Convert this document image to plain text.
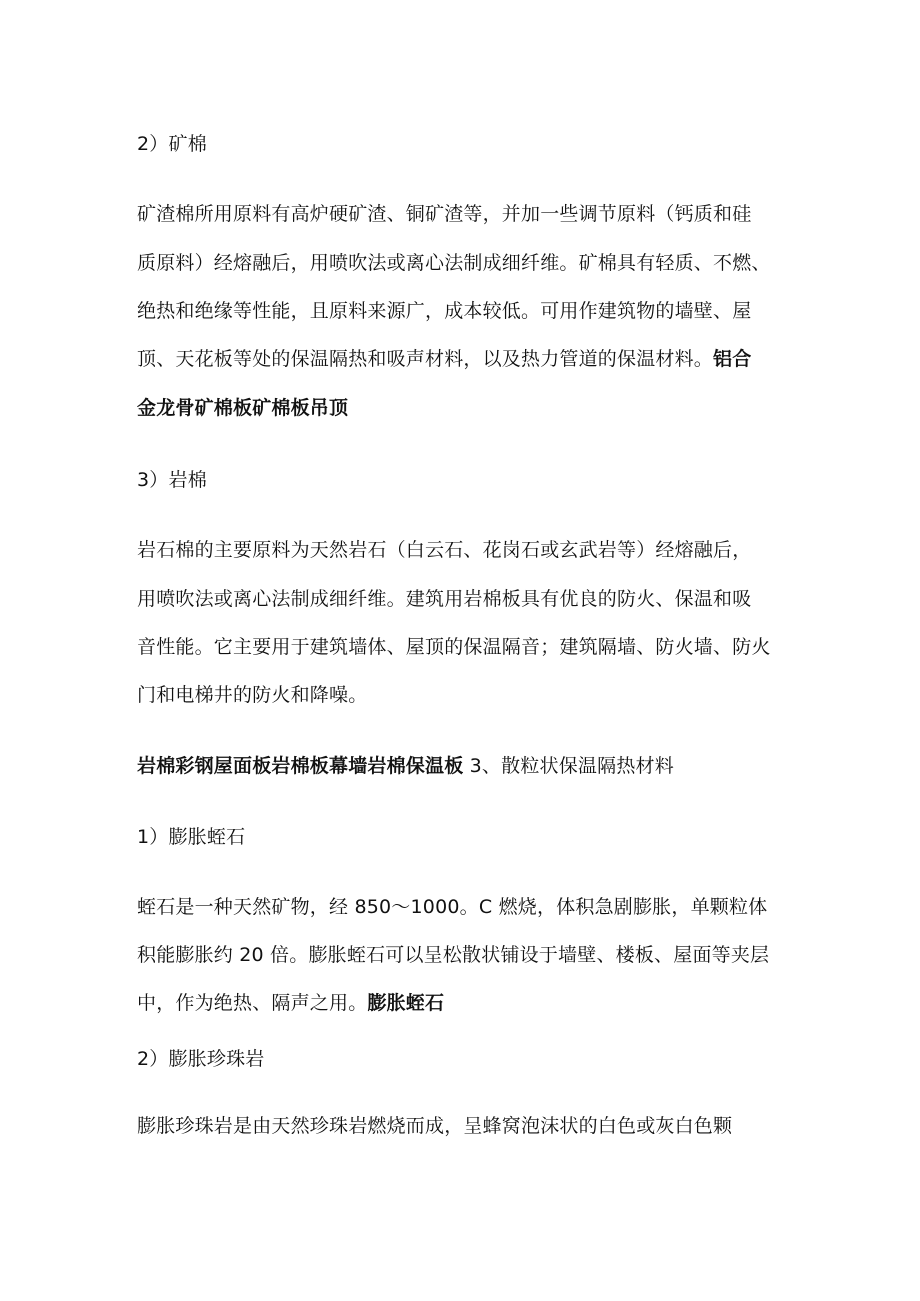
2）矿棉
矿渣棉所用原料有高炉硬矿渣、铜矿渣等，并加一些调节原料（钙质和硅
质原料）经熔融后，用喷吹法或离心法制成细纤维。矿棉具有轻质、不燃、
绝热和绝缘等性能，且原料来源广，成本较低。可用作建筑物的墙壁、屋
顶、天花板等处的保温隔热和吸声材料，以及热力管道的保温材料。铝合
金龙骨矿棉板矿棉板吊顶
3）岩棉
岩石棉的主要原料为天然岩石（白云石、花岗石或玄武岩等）经熔融后，
用喷吹法或离心法制成细纤维。建筑用岩棉板具有优良的防火、保温和吸
音性能。它主要用于建筑墙体、屋顶的保温隔音；建筑隔墙、防火墙、防火
门和电梯井的防火和降噪。
岩棉彩钢屋面板岩棉板幕墙岩棉保温板 3、散粒状保温隔热材料
1）膨胀蛭石
蛭石是一种天然矿物，经 850～1000。C 燃烧，体积急剧膨胀，单颗粒体
积能膨胀约 20 倍。膨胀蛭石可以呈松散状铺设于墙壁、楼板、屋面等夹层
中，作为绝热、隔声之用。膨胀蛭石
2）膨胀珍珠岩
膨胀珍珠岩是由天然珍珠岩燃烧而成，呈蜂窝泡沫状的白色或灰白色颗
